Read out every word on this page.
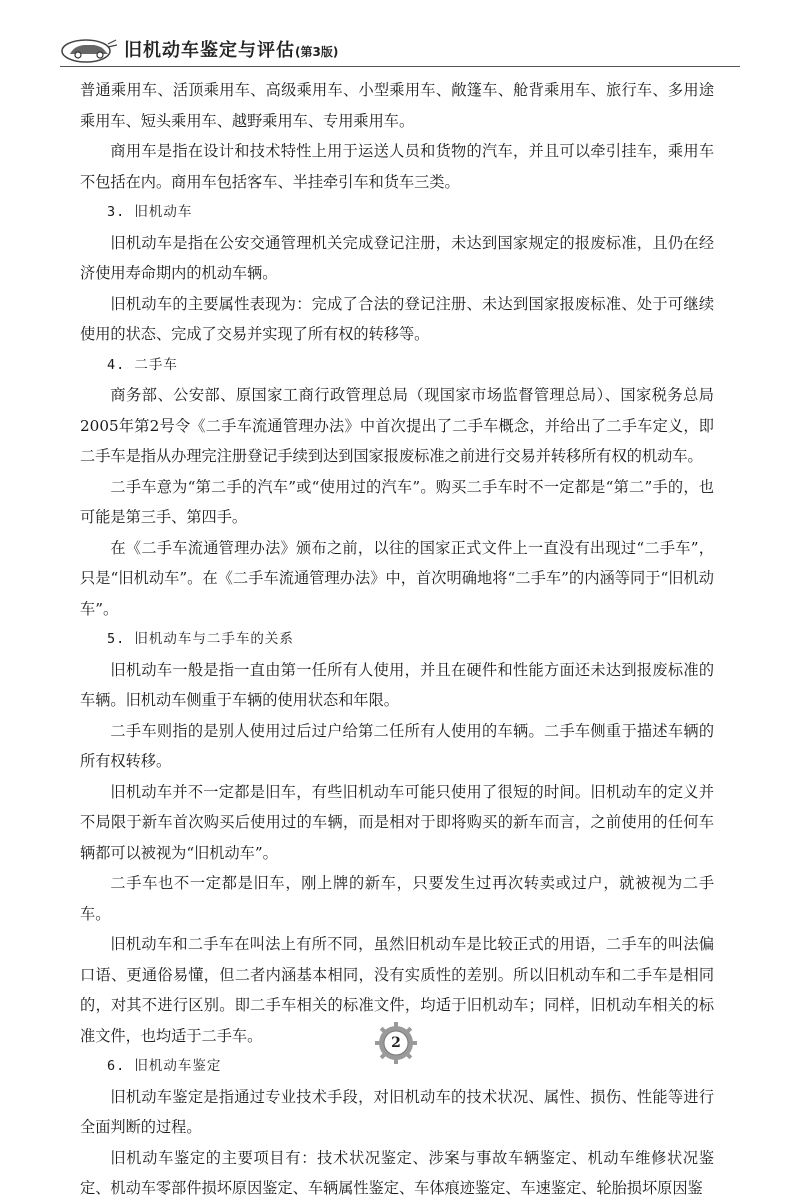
旧机动车鉴定与评估(第3版)

普通乘用车、活顶乘用车、高级乘用车、小型乘用车、敞篷车、舱背乘用车、旅行车、多用途乘用车、短头乘用车、越野乘用车、专用乘用车。

商用车是指在设计和技术特性上用于运送人员和货物的汽车，并且可以牵引挂车，乘用车不包括在内。商用车包括客车、半挂牵引车和货车三类。

3. 旧机动车

旧机动车是指在公安交通管理机关完成登记注册，未达到国家规定的报废标准，且仍在经济使用寿命期内的机动车辆。

旧机动车的主要属性表现为：完成了合法的登记注册、未达到国家报废标准、处于可继续使用的状态、完成了交易并实现了所有权的转移等。

4. 二手车

商务部、公安部、原国家工商行政管理总局（现国家市场监督管理总局）、国家税务总局2005年第2号令《二手车流通管理办法》中首次提出了二手车概念，并给出了二手车定义，即二手车是指从办理完注册登记手续到达到国家报废标准之前进行交易并转移所有权的机动车。

二手车意为“第二手的汽车”或“使用过的汽车”。购买二手车时不一定都是“第二”手的，也可能是第三手、第四手。

在《二手车流通管理办法》颁布之前，以往的国家正式文件上一直没有出现过“二手车”，只是“旧机动车”。在《二手车流通管理办法》中，首次明确地将“二手车”的内涵等同于“旧机动车”。

5. 旧机动车与二手车的关系

旧机动车一般是指一直由第一任所有人使用，并且在硬件和性能方面还未达到报废标准的车辆。旧机动车侧重于车辆的使用状态和年限。

二手车则指的是别人使用过后过户给第二任所有人使用的车辆。二手车侧重于描述车辆的所有权转移。

旧机动车并不一定都是旧车，有些旧机动车可能只使用了很短的时间。旧机动车的定义并不局限于新车首次购买后使用过的车辆，而是相对于即将购买的新车而言，之前使用的任何车辆都可以被视为“旧机动车”。

二手车也不一定都是旧车，刚上牌的新车，只要发生过再次转卖或过户，就被视为二手车。

旧机动车和二手车在叫法上有所不同，虽然旧机动车是比较正式的用语，二手车的叫法偏口语、更通俗易懂，但二者内涵基本相同，没有实质性的差别。所以旧机动车和二手车是相同的，对其不进行区别。即二手车相关的标准文件，均适于旧机动车；同样，旧机动车相关的标准文件，也均适于二手车。

6. 旧机动车鉴定

旧机动车鉴定是指通过专业技术手段，对旧机动车的技术状况、属性、损伤、性能等进行全面判断的过程。

旧机动车鉴定的主要项目有：技术状况鉴定、涉案与事故车辆鉴定、机动车维修状况鉴定、机动车零部件损坏原因鉴定、车辆属性鉴定、车体痕迹鉴定、车速鉴定、轮胎损坏原因鉴

2
